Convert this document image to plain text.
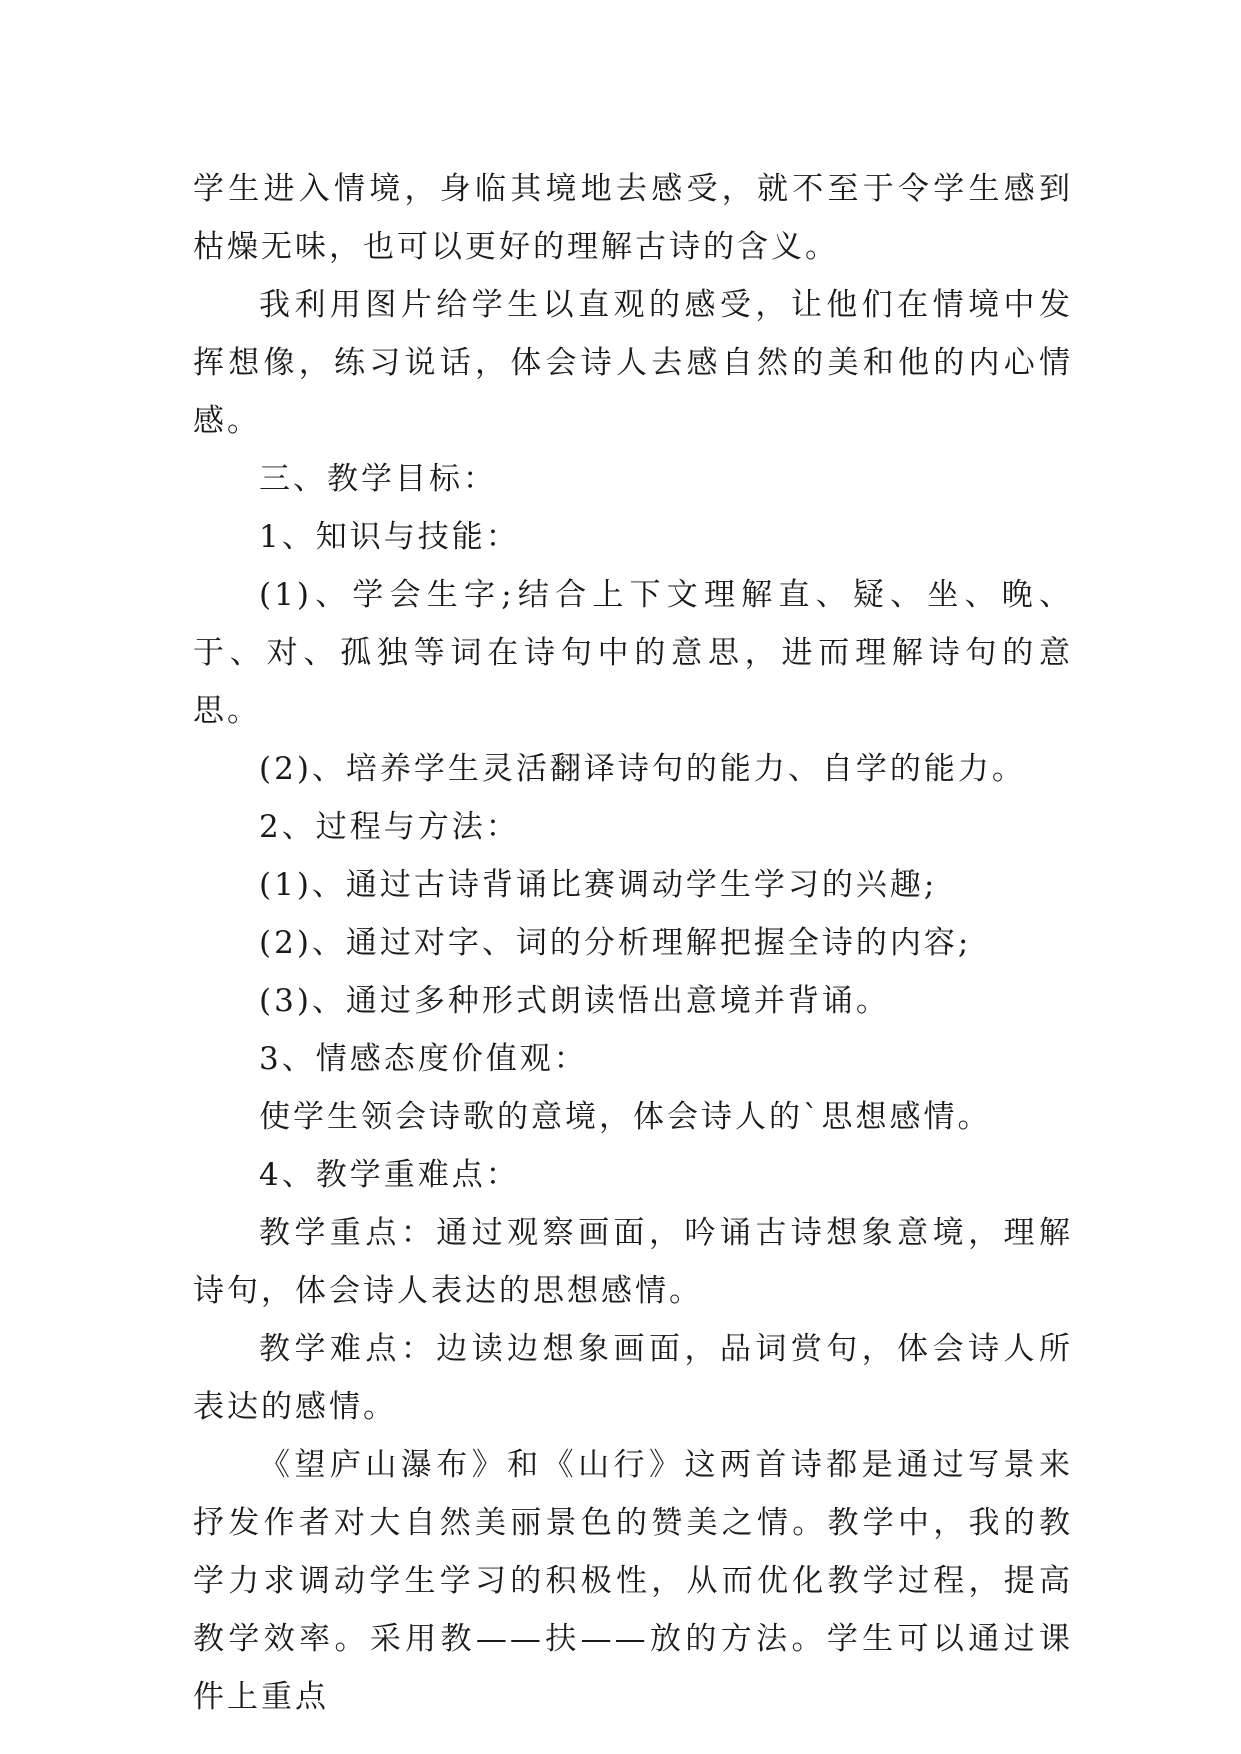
学生进入情境，身临其境地去感受，就不至于令学生感到枯燥无味，也可以更好的理解古诗的含义。

我利用图片给学生以直观的感受，让他们在情境中发挥想像，练习说话，体会诗人去感自然的美和他的内心情感。

三、教学目标：

1、知识与技能：

(1)、学会生字;结合上下文理解直、疑、坐、晚、于、对、孤独等词在诗句中的意思，进而理解诗句的意思。

(2)、培养学生灵活翻译诗句的能力、自学的能力。

2、过程与方法：

(1)、通过古诗背诵比赛调动学生学习的兴趣;

(2)、通过对字、词的分析理解把握全诗的内容;

(3)、通过多种形式朗读悟出意境并背诵。

3、情感态度价值观：

使学生领会诗歌的意境，体会诗人的`思想感情。

4、教学重难点：

教学重点：通过观察画面，吟诵古诗想象意境，理解诗句，体会诗人表达的思想感情。

教学难点：边读边想象画面，品词赏句，体会诗人所表达的感情。

《望庐山瀑布》和《山行》这两首诗都是通过写景来抒发作者对大自然美丽景色的赞美之情。教学中，我的教学力求调动学生学习的积极性，从而优化教学过程，提高教学效率。采用教——扶——放的方法。学生可以通过课件上重点
